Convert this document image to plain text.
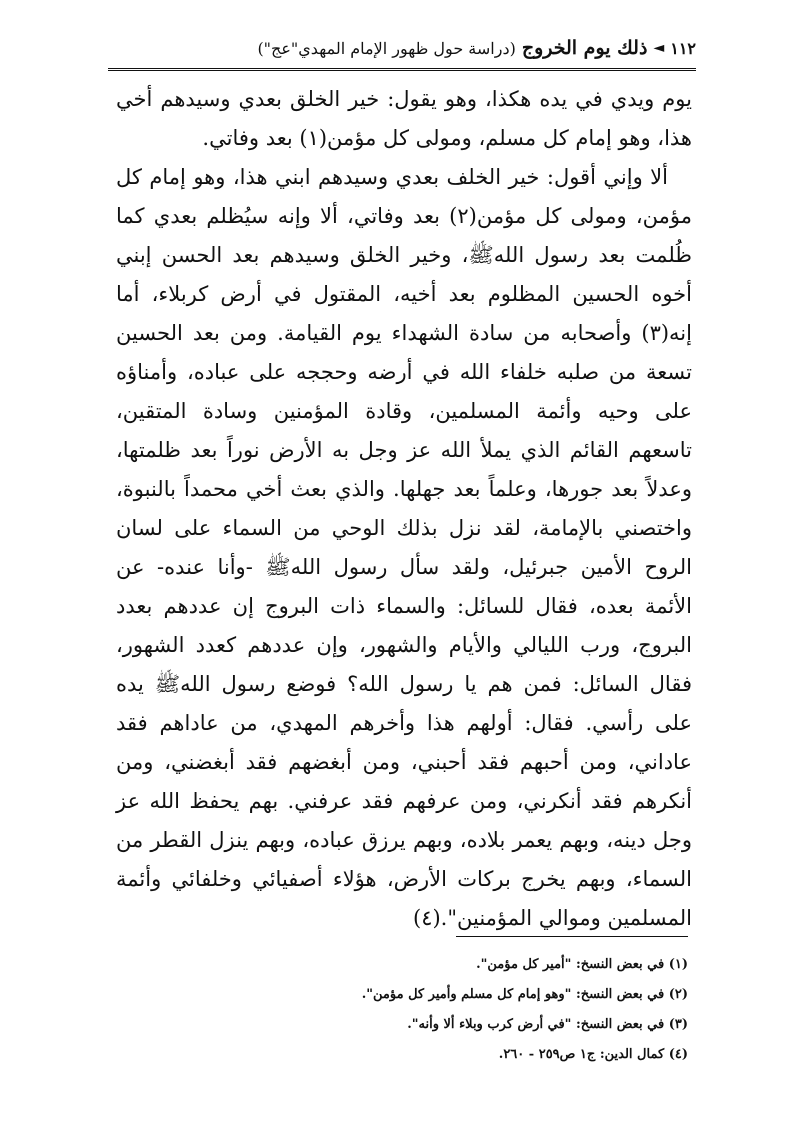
١١٢
◄
ذلك يوم الخروج
(دراسة حول ظهور الإمام المهدي"عج")

يوم ويدي في يده هكذا، وهو يقول: خير الخلق بعدي وسيدهم أخي هذا، وهو إمام كل مسلم، ومولى كل مؤمن(١) بعد وفاتي.

ألا وإني أقول: خير الخلف بعدي وسيدهم ابني هذا، وهو إمام كل مؤمن، ومولى كل مؤمن(٢) بعد وفاتي، ألا وإنه سيُظلم بعدي كما ظُلمت بعد رسول اللهﷺ، وخير الخلق وسيدهم بعد الحسن إبني أخوه الحسين المظلوم بعد أخيه، المقتول في أرض كربلاء، أما إنه(٣) وأصحابه من سادة الشهداء يوم القيامة. ومن بعد الحسين تسعة من صلبه خلفاء الله في أرضه وحججه على عباده، وأمناؤه على وحيه وأئمة المسلمين، وقادة المؤمنين وسادة المتقين، تاسعهم القائم الذي يملأ الله عز وجل به الأرض نوراً بعد ظلمتها، وعدلاً بعد جورها، وعلماً بعد جهلها. والذي بعث أخي محمداً بالنبوة، واختصني بالإمامة، لقد نزل بذلك الوحي من السماء على لسان الروح الأمين جبرئيل، ولقد سأل رسول اللهﷺ -وأنا عنده- عن الأئمة بعده، فقال للسائل: والسماء ذات البروج إن عددهم بعدد البروج، ورب الليالي والأيام والشهور، وإن عددهم كعدد الشهور، فقال السائل: فمن هم يا رسول الله؟ فوضع رسول اللهﷺ يده على رأسي. فقال: أولهم هذا وأخرهم المهدي، من عاداهم فقد عاداني، ومن أحبهم فقد أحبني، ومن أبغضهم فقد أبغضني، ومن أنكرهم فقد أنكرني، ومن عرفهم فقد عرفني. بهم يحفظ الله عز وجل دينه، وبهم يعمر بلاده، وبهم يرزق عباده، وبهم ينزل القطر من السماء، وبهم يخرج بركات الأرض، هؤلاء أصفيائي وخلفائي وأئمة المسلمين وموالي المؤمنين".(٤)

(١) في بعض النسخ: "أمير كل مؤمن".
(٢) في بعض النسخ: "وهو إمام كل مسلم وأمير كل مؤمن".
(٣) في بعض النسخ: "في أرض كرب وبلاء ألا وأنه".
(٤) كمال الدين: ج١ ص٢٥٩ - ٢٦٠.
